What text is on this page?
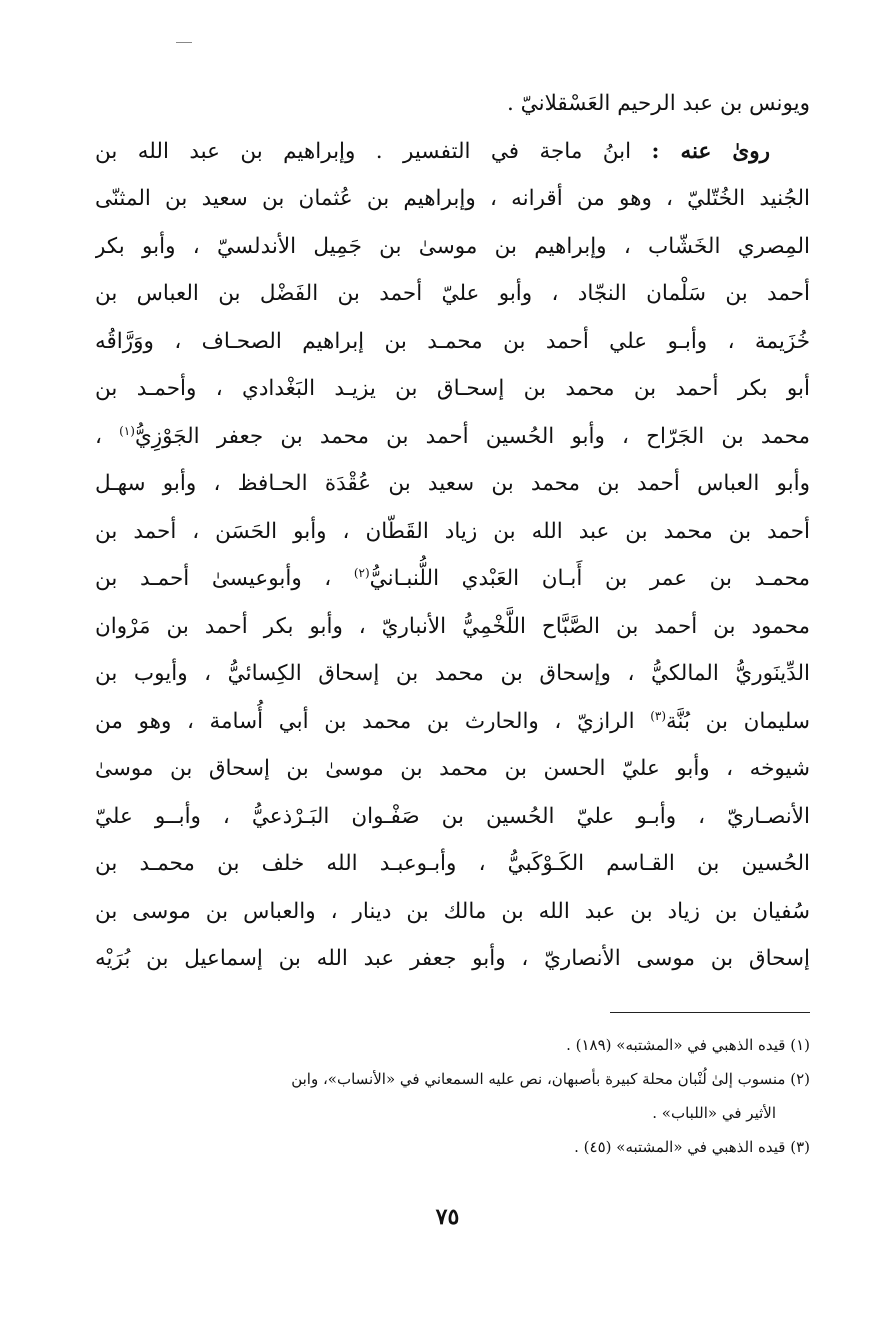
ويونس بن عبد الرحيم العَسْقلانيّ .
روىٰ عنه : ابنُ ماجة في التفسير . وإبراهيم بن عبد الله بن
الجُنيد الخُتّليّ ، وهو من أقرانه ، وإبراهيم بن عُثمان بن سعيد بن المثنّى
المِصري الخَشّاب ، وإبراهيم بن موسىٰ بن جَمِيل الأندلسيّ ، وأبو بكر
أحمد بن سَلْمان النجّاد ، وأبو عليّ أحمد بن الفَضْل بن العباس بن
خُزَيمة ، وأبـو علي أحمد بن محمـد بن إبراهيم الصحـاف ، ووَرَّاقُه
أبو بكر أحمد بن محمد بن إسحـاق بن يزيـد البَغْدادي ، وأحمـد بن
محمد بن الجَرّاح ، وأبو الحُسين أحمد بن محمد بن جعفر الجَوْزِيُّ$^{(١)}$ ،
وأبو العباس أحمد بن محمد بن سعيد بن عُقْدَة الحـافظ ، وأبو سهـل
أحمد بن محمد بن عبد الله بن زياد القَطّان ، وأبو الحَسَن ، أحمد بن
محمـد بن عمر بن أَبـان العَبْدي اللُّنبـانيُّ$^{(٢)}$ ، وأبوعيسىٰ أحمـد بن
محمود بن أحمد بن الصَّبَّاح اللَّخْمِيُّ الأنباريّ ، وأبو بكر أحمد بن مَرْوان
الدِّينَوريُّ المالكيُّ ، وإسحاق بن محمد بن إسحاق الكِسائيُّ ، وأيوب بن
سليمان بن بُنَّة$^{(٣)}$ الرازيّ ، والحارث بن محمد بن أبي أُسامة ، وهو من
شيوخه ، وأبو عليّ الحسن بن محمد بن موسىٰ بن إسحاق بن موسىٰ
الأنصـاريّ ، وأبـو عليّ الحُسين بن صَفْـوان البَـرْذعيُّ ، وأبــو عليّ
الحُسين بن القـاسم الكَـوْكَبيُّ ، وأبـوعبـد الله خلف بن محمـد بن
سُفيان بن زياد بن عبد الله بن مالك بن دينار ، والعباس بن موسى بن
إسحاق بن موسى الأنصاريّ ، وأبو جعفر عبد الله بن إسماعيل بن بُرَيْه
(١) قيده الذهبي في «المشتبه» (١٨٩) .
(٢) منسوب إلىٰ لُنْبان محلة كبيرة بأصبهان، نص عليه السمعاني في «الأنساب»، وابن
الأثير في «اللباب» .
(٣) قيده الذهبي في «المشتبه» (٤٥) .
٧٥
